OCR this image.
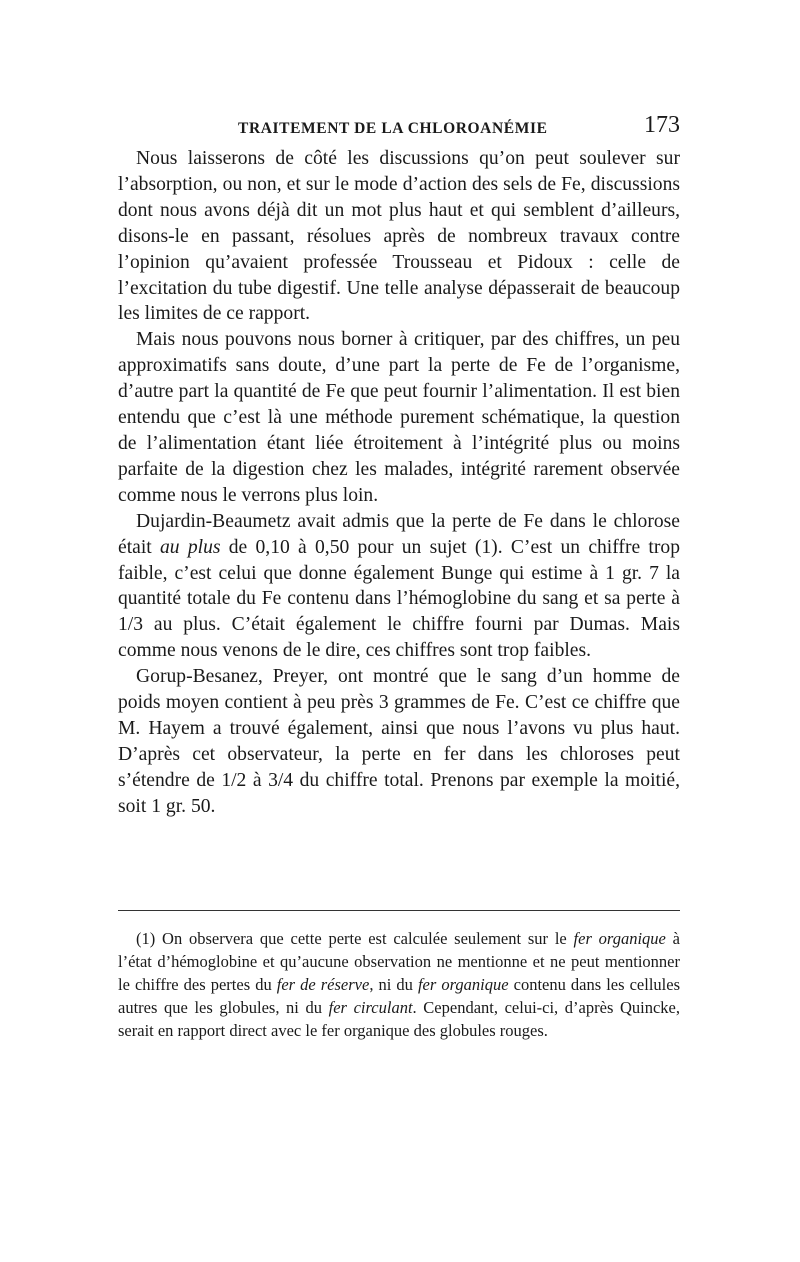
TRAITEMENT DE LA CHLOROANÉMIE	173

Nous laisserons de côté les discussions qu’on peut soulever sur l’absorption, ou non, et sur le mode d’action des sels de Fe, discussions dont nous avons déjà dit un mot plus haut et qui semblent d’ailleurs, disons-le en passant, résolues après de nombreux travaux contre l’opinion qu’avaient professée Trousseau et Pidoux : celle de l’excitation du tube digestif. Une telle analyse dépasserait de beaucoup les limites de ce rapport.

Mais nous pouvons nous borner à critiquer, par des chiffres, un peu approximatifs sans doute, d’une part la perte de Fe de l’organisme, d’autre part la quantité de Fe que peut fournir l’alimentation. Il est bien entendu que c’est là une méthode purement schématique, la question de l’alimentation étant liée étroitement à l’intégrité plus ou moins parfaite de la digestion chez les malades, intégrité rarement observée comme nous le verrons plus loin.

Dujardin-Beaumetz avait admis que la perte de Fe dans le chlorose était au plus de 0,10 à 0,50 pour un sujet (1). C’est un chiffre trop faible, c’est celui que donne également Bunge qui estime à 1 gr. 7 la quantité totale du Fe contenu dans l’hémoglobine du sang et sa perte à 1/3 au plus. C’était également le chiffre fourni par Dumas. Mais comme nous venons de le dire, ces chiffres sont trop faibles.

Gorup-Besanez, Preyer, ont montré que le sang d’un homme de poids moyen contient à peu près 3 grammes de Fe. C’est ce chiffre que M. Hayem a trouvé également, ainsi que nous l’avons vu plus haut. D’après cet observateur, la perte en fer dans les chloroses peut s’étendre de 1/2 à 3/4 du chiffre total. Prenons par exemple la moitié, soit 1 gr. 50.

(1) On observera que cette perte est calculée seulement sur le fer organique à l’état d’hémoglobine et qu’aucune observation ne mentionne et ne peut mentionner le chiffre des pertes du fer de réserve, ni du fer organique contenu dans les cellules autres que les globules, ni du fer circulant. Cependant, celui-ci, d’après Quincke, serait en rapport direct avec le fer organique des globules rouges.
